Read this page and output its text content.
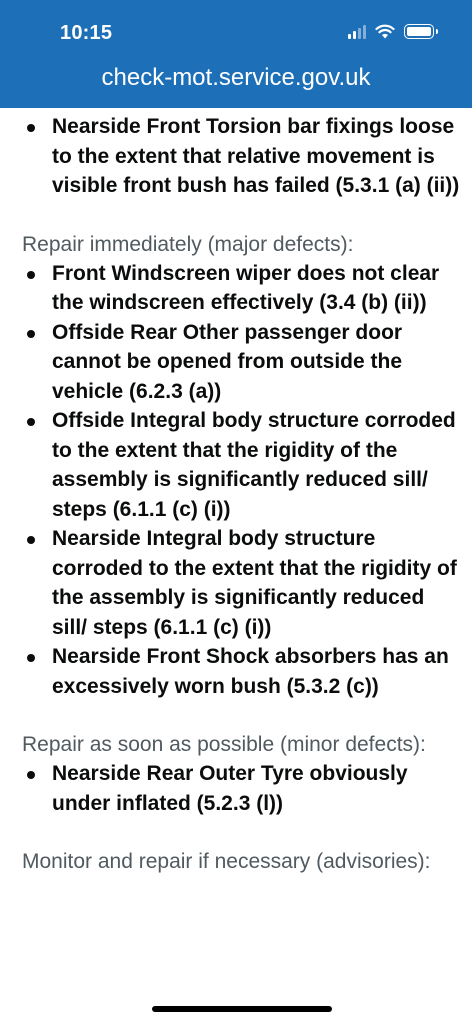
10:15
check-mot.service.gov.uk
Nearside Front Torsion bar fixings loose to the extent that relative movement is visible front bush has failed (5.3.1 (a) (ii))
Repair immediately (major defects):
Front Windscreen wiper does not clear the windscreen effectively (3.4 (b) (ii))
Offside Rear Other passenger door cannot be opened from outside the vehicle (6.2.3 (a))
Offside Integral body structure corroded to the extent that the rigidity of the assembly is significantly reduced sill/ steps (6.1.1 (c) (i))
Nearside Integral body structure corroded to the extent that the rigidity of the assembly is significantly reduced sill/ steps (6.1.1 (c) (i))
Nearside Front Shock absorbers has an excessively worn bush (5.3.2 (c))
Repair as soon as possible (minor defects):
Nearside Rear Outer Tyre obviously under inflated (5.2.3 (l))
Monitor and repair if necessary (advisories):
